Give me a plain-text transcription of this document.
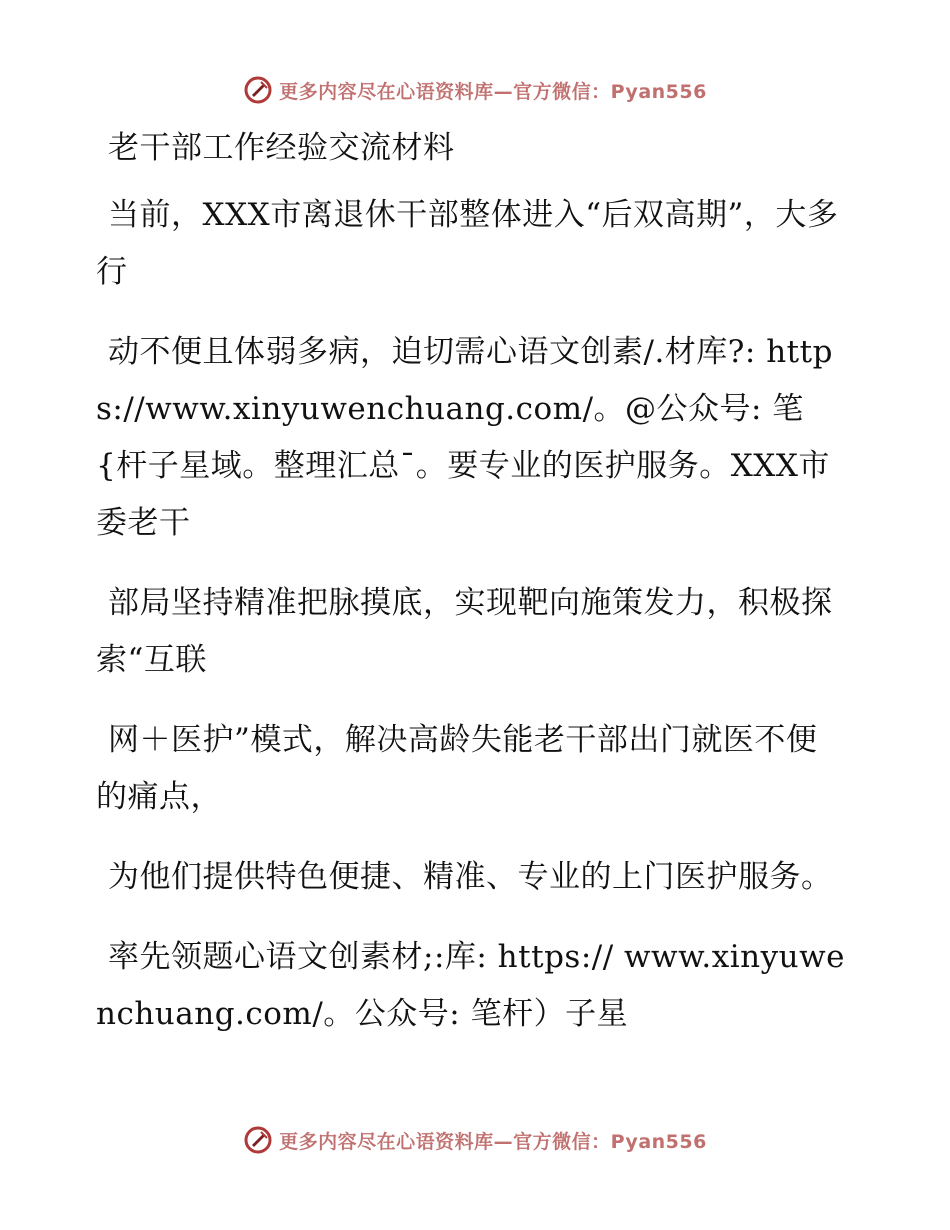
更多内容尽在心语资料库—官方微信：Pyan556
老干部工作经验交流材料
当前，XXX市离退休干部整体进入“后双高期”，大多行
动不便且体弱多病，迫切需心语文创素/.材库?: https://www.xinyuwenchuang.com/。@公众号: 笔{杆子星域。整理汇总¯。要专业的医护服务。XXX市委老干
部局坚持精准把脉摸底，实现靶向施策发力，积极探索“互联
网＋医护”模式，解决高龄失能老干部出门就医不便的痛点，
为他们提供特色便捷、精准、专业的上门医护服务。
率先领题心语文创素材;:库: https:// www.xinyuwenchuang.com/。公众号: 笔杆）子星
更多内容尽在心语资料库—官方微信：Pyan556
